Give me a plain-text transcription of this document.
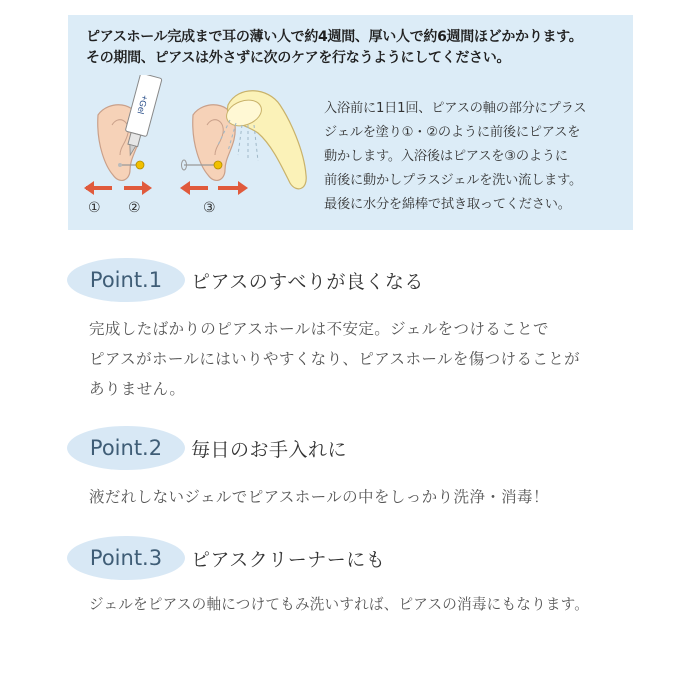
ピアスホール完成まで耳の薄い人で約4週間、厚い人で約6週間ほどかかります。
その期間、ピアスは外さずに次のケアを行なうようにしてください。
+Gel
① ②	③
入浴前に1日1回、ピアスの軸の部分にプラス
ジェルを塗り①・②のように前後にピアスを
動かします。入浴後はピアスを③のように
前後に動かしプラスジェルを洗い流します。
最後に水分を綿棒で拭き取ってください。
Point.1	ピアスのすべりが良くなる
完成したばかりのピアスホールは不安定。ジェルをつけることで
ピアスがホールにはいりやすくなり、ピアスホールを傷つけることが
ありません。
Point.2	毎日のお手入れに
液だれしないジェルでピアスホールの中をしっかり洗浄・消毒！
Point.3	ピアスクリーナーにも
ジェルをピアスの軸につけてもみ洗いすれば、ピアスの消毒にもなります。
